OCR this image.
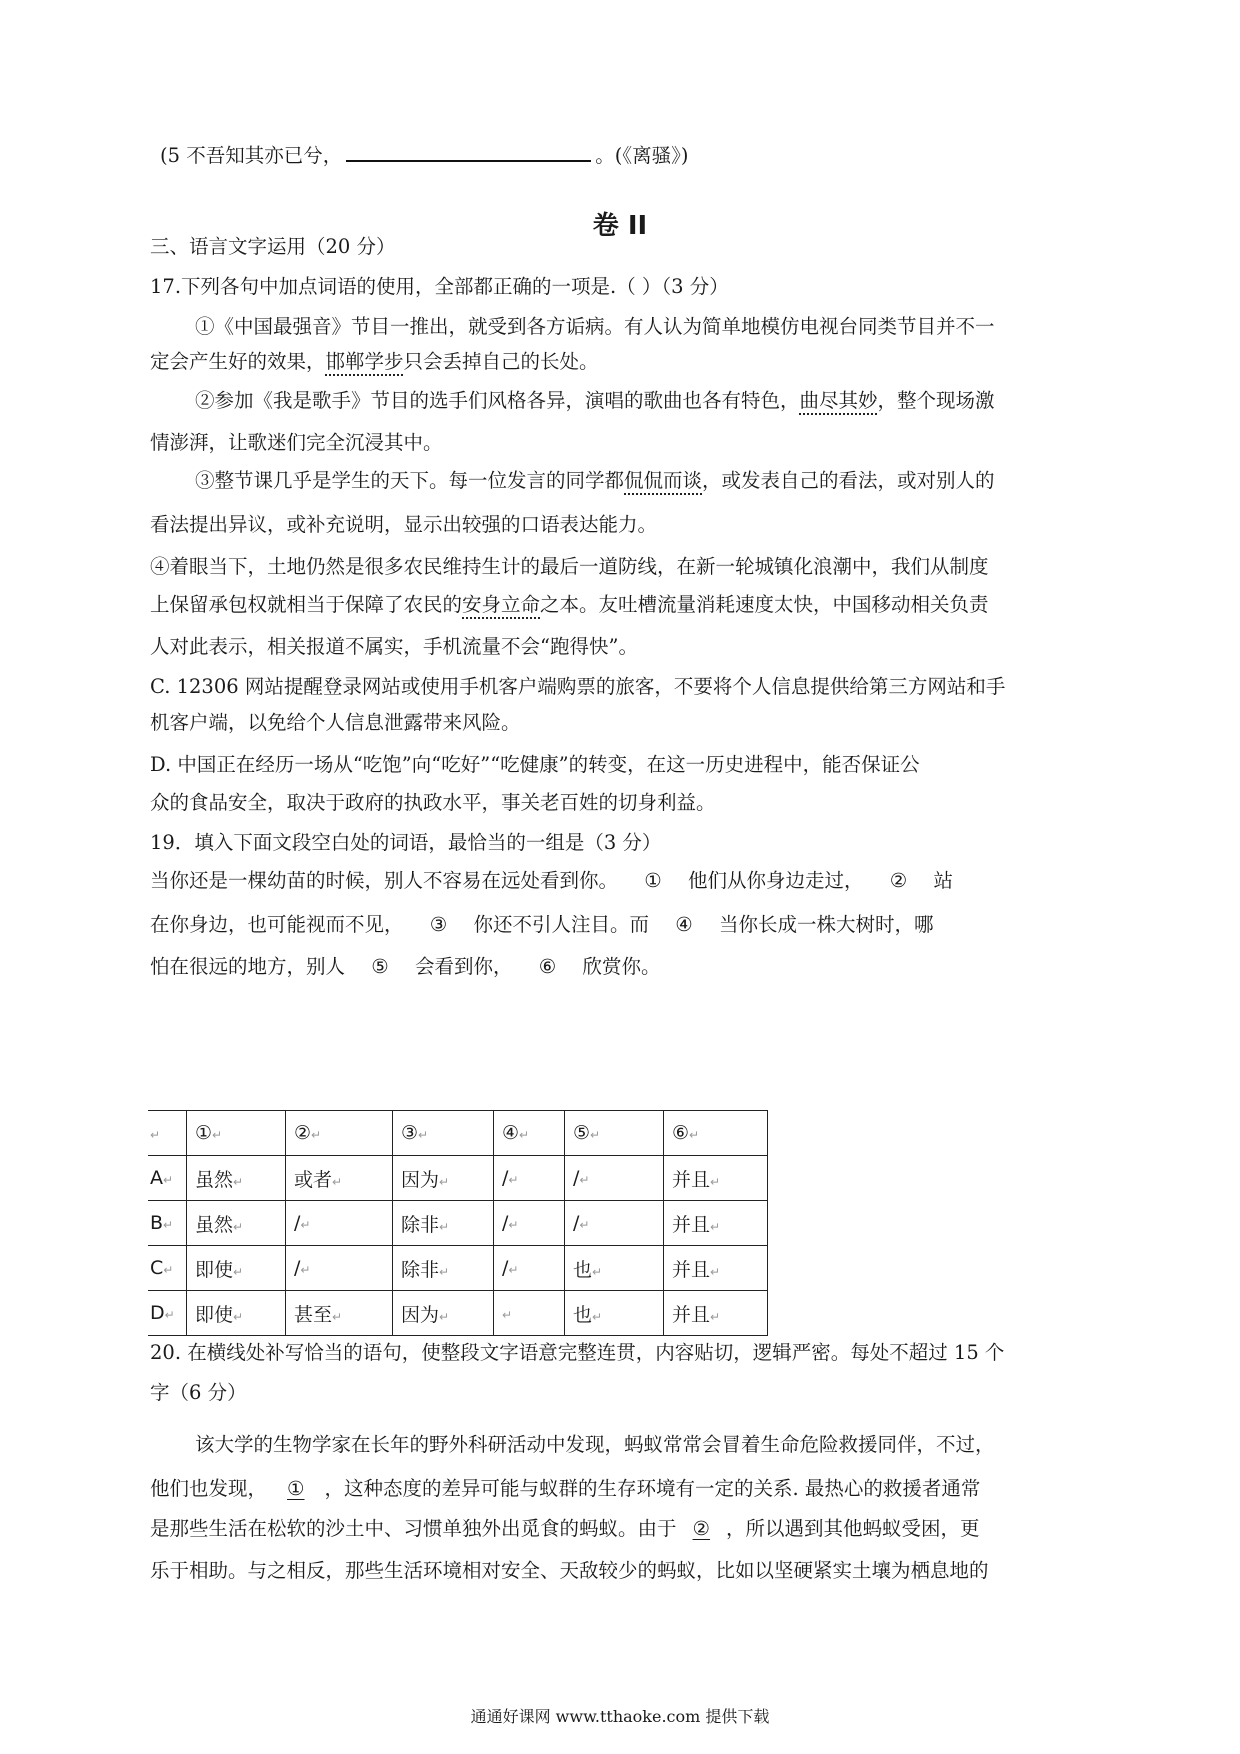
(5 不吾知其亦已兮，	。(《离骚》)
卷 II
三、语言文字运用（20 分）
17.下列各句中加点词语的使用，全部都正确的一项是.（ ）（3 分）
①《中国最强音》节目一推出，就受到各方诟病。有人认为简单地模仿电视台同类节目并不一
定会产生好的效果，邯郸学步只会丢掉自己的长处。
②参加《我是歌手》节目的选手们风格各异，演唱的歌曲也各有特色，曲尽其妙，整个现场激
情澎湃，让歌迷们完全沉浸其中。
③整节课几乎是学生的天下。每一位发言的同学都侃侃而谈，或发表自己的看法，或对别人的
看法提出异议，或补充说明，显示出较强的口语表达能力。
④着眼当下，土地仍然是很多农民维持生计的最后一道防线，在新一轮城镇化浪潮中，我们从制度
上保留承包权就相当于保障了农民的安身立命之本。友吐槽流量消耗速度太快，中国移动相关负责
人对此表示，相关报道不属实，手机流量不会“跑得快”。
C. 12306 网站提醒登录网站或使用手机客户端购票的旅客，不要将个人信息提供给第三方网站和手
机客户端，以免给个人信息泄露带来风险。
D. 中国正在经历一场从“吃饱”向“吃好”“吃健康”的转变，在这一历史进程中，能否保证公
众的食品安全，取决于政府的执政水平，事关老百姓的切身利益。
19．填入下面文段空白处的词语，最恰当的一组是（3 分）
当你还是一棵幼苗的时候，别人不容易在远处看到你。 ① 他们从你身边走过， ② 站
在你身边，也可能视而不见， ③ 你还不引人注目。而 ④ 当你长成一株大树时，哪
怕在很远的地方，别人 ⑤ 会看到你， ⑥ 欣赏你。
↵	①↵	②↵	③↵	④↵	⑤↵	⑥↵
A↵	虽然↵	或者↵	因为↵	/↵	/↵	并且↵
B↵	虽然↵	/↵	除非↵	/↵	/↵	并且↵
C↵	即使↵	/↵	除非↵	/↵	也↵	并且↵
D↵	即使↵	甚至↵	因为↵	↵	也↵	并且↵
20. 在横线处补写恰当的语句，使整段文字语意完整连贯，内容贴切，逻辑严密。每处不超过 15 个
字（6 分）
该大学的生物学家在长年的野外科研活动中发现，蚂蚁常常会冒着生命危险救援同伴，不过，
他们也发现， ① ，这种态度的差异可能与蚁群的生存环境有一定的关系. 最热心的救援者通常
是那些生活在松软的沙土中、习惯单独外出觅食的蚂蚁。由于 ② ，所以遇到其他蚂蚁受困，更
乐于相助。与之相反，那些生活环境相对安全、天敌较少的蚂蚁，比如以坚硬紧实土壤为栖息地的
通通好课网 www.tthaoke.com 提供下载
